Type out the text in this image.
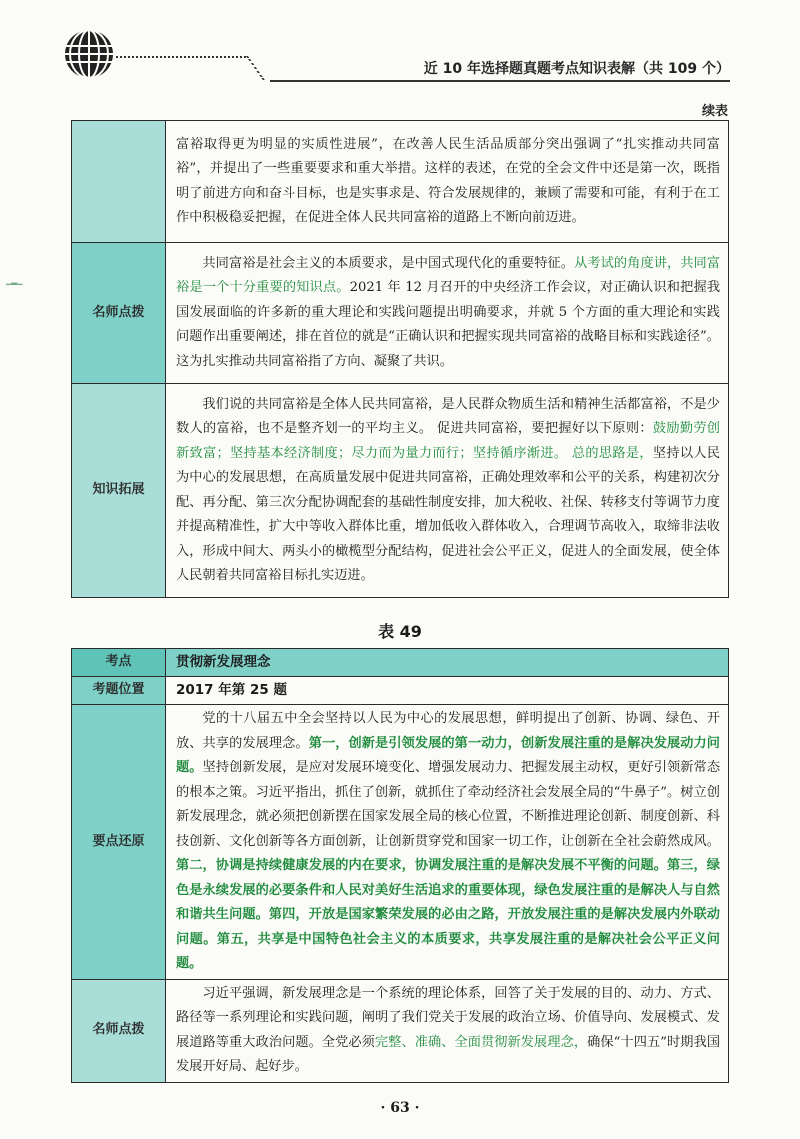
近 10 年选择题真题考点知识表解（共 109 个）
续表
▁▂▁
	富裕取得更为明显的实质性进展”，在改善人民生活品质部分突出强调了“扎实推动共同富裕”，并提出了一些重要要求和重大举措。这样的表述，在党的全会文件中还是第一次，既指明了前进方向和奋斗目标，也是实事求是、符合发展规律的，兼顾了需要和可能，有利于在工作中积极稳妥把握，在促进全体人民共同富裕的道路上不断向前迈进。
名师点拨	共同富裕是社会主义的本质要求，是中国式现代化的重要特征。从考试的角度讲，共同富裕是一个十分重要的知识点。2021 年 12 月召开的中央经济工作会议，对正确认识和把握我国发展面临的许多新的重大理论和实践问题提出明确要求，并就 5 个方面的重大理论和实践问题作出重要阐述，排在首位的就是“正确认识和把握实现共同富裕的战略目标和实践途径”。这为扎实推动共同富裕指了方向、凝聚了共识。

知识拓展	我们说的共同富裕是全体人民共同富裕，是人民群众物质生活和精神生活都富裕，不是少数人的富裕，也不是整齐划一的平均主义。 促进共同富裕，要把握好以下原则：鼓励勤劳创新致富；坚持基本经济制度；尽力而为量力而行；坚持循序渐进。 总的思路是，坚持以人民为中心的发展思想，在高质量发展中促进共同富裕，正确处理效率和公平的关系，构建初次分配、再分配、第三次分配协调配套的基础性制度安排，加大税收、社保、转移支付等调节力度并提高精准性，扩大中等收入群体比重，增加低收入群体收入，合理调节高收入，取缔非法收入，形成中间大、两头小的橄榄型分配结构，促进社会公平正义，促进人的全面发展，使全体人民朝着共同富裕目标扎实迈进。
表 49
考点	贯彻新发展理念
考题位置	2017 年第 25 题
要点还原	党的十八届五中全会坚持以人民为中心的发展思想，鲜明提出了创新、协调、绿色、开放、共享的发展理念。第一，创新是引领发展的第一动力，创新发展注重的是解决发展动力问题。坚持创新发展，是应对发展环境变化、增强发展动力、把握发展主动权，更好引领新常态的根本之策。习近平指出，抓住了创新，就抓住了牵动经济社会发展全局的“牛鼻子”。树立创新发展理念，就必须把创新摆在国家发展全局的核心位置，不断推进理论创新、制度创新、科技创新、文化创新等各方面创新，让创新贯穿党和国家一切工作，让创新在全社会蔚然成风。第二，协调是持续健康发展的内在要求，协调发展注重的是解决发展不平衡的问题。第三，绿色是永续发展的必要条件和人民对美好生活追求的重要体现，绿色发展注重的是解决人与自然和谐共生问题。第四，开放是国家繁荣发展的必由之路，开放发展注重的是解决发展内外联动问题。第五，共享是中国特色社会主义的本质要求，共享发展注重的是解决社会公平正义问题。

名师点拨	习近平强调，新发展理念是一个系统的理论体系，回答了关于发展的目的、动力、方式、路径等一系列理论和实践问题，阐明了我们党关于发展的政治立场、价值导向、发展模式、发展道路等重大政治问题。全党必须完整、准确、全面贯彻新发展理念，确保“十四五”时期我国发展开好局、起好步。
· 63 ·
